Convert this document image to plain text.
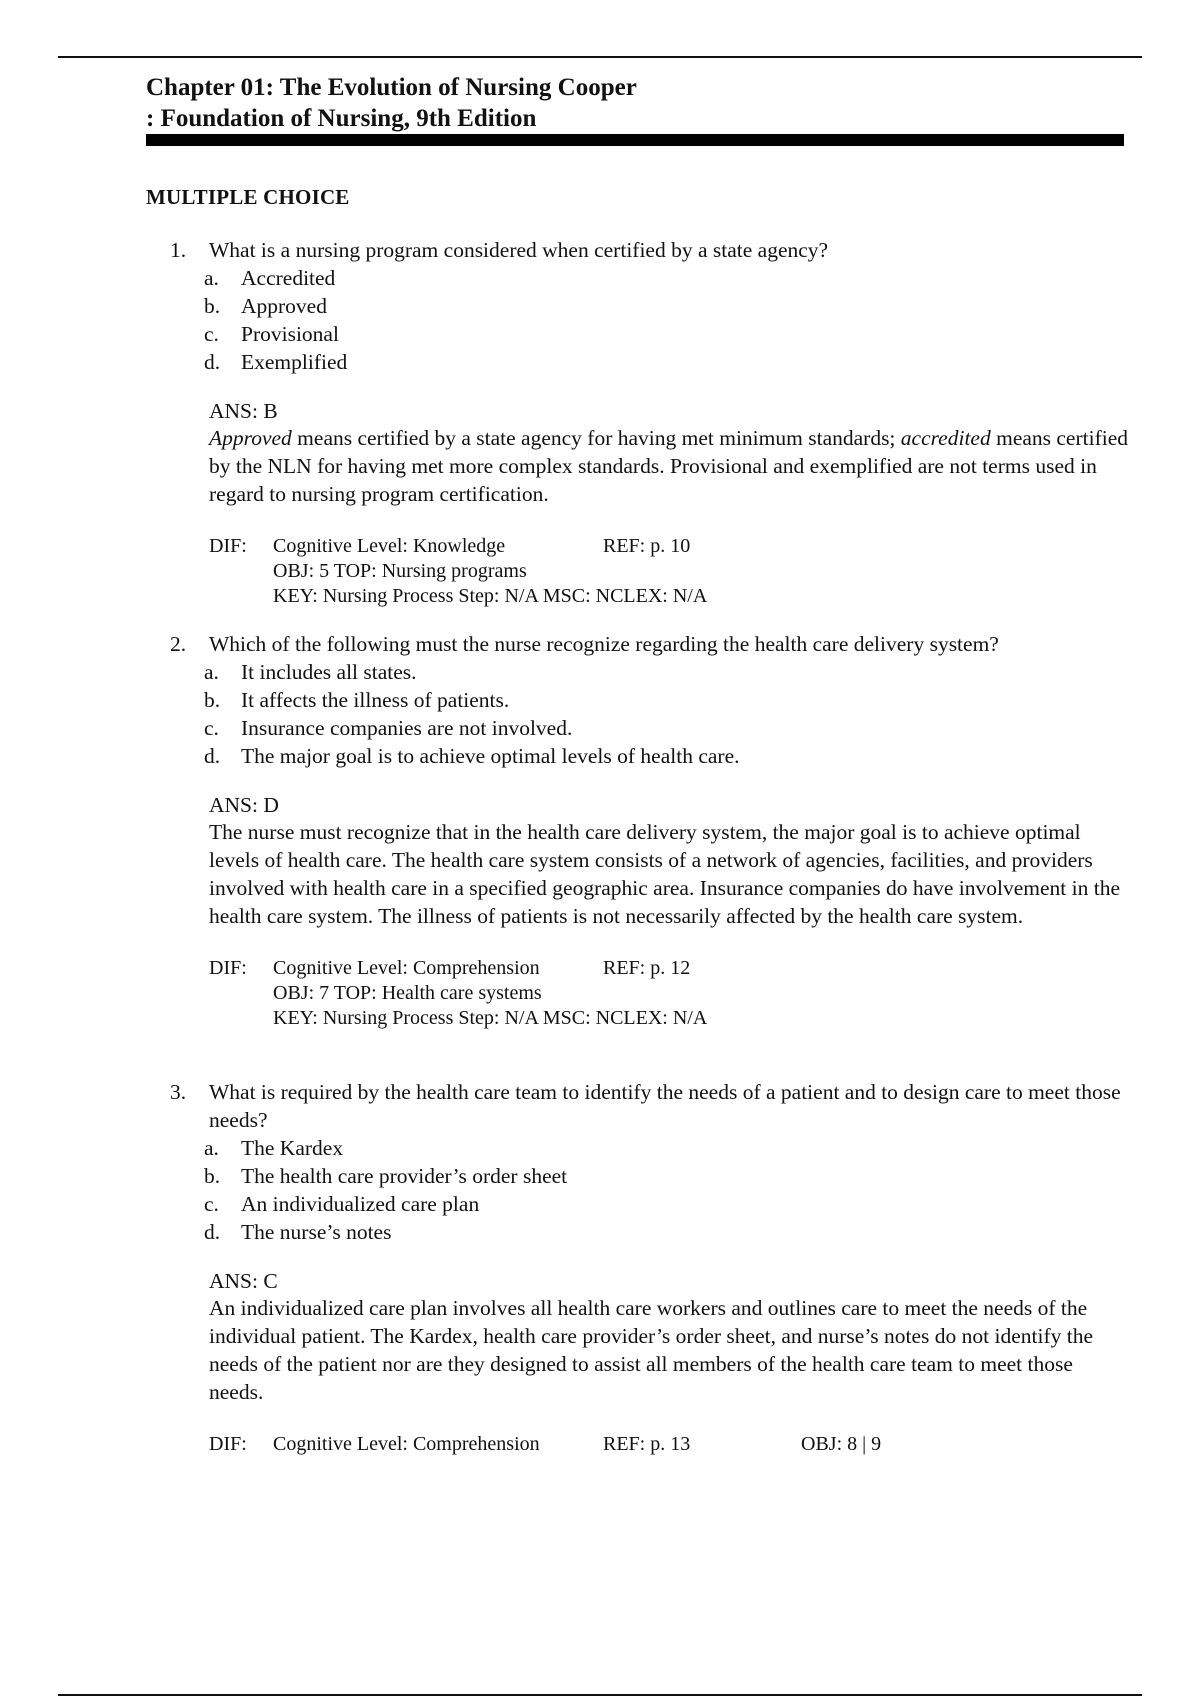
Chapter 01: The Evolution of Nursing Cooper
: Foundation of Nursing, 9th Edition
MULTIPLE CHOICE
1.	What is a nursing program considered when certified by a state agency?
a.	Accredited
b. Approved
c.	Provisional
d. Exemplified
ANS: B
Approved means certified by a state agency for having met minimum standards; accredited means certified by the NLN for having met more complex standards. Provisional and exemplified are not terms used in regard to nursing program certification.
DIF:	Cognitive Level: Knowledge	REF: p. 10
OBJ: 5 TOP: Nursing programs
KEY: Nursing Process Step: N/A MSC: NCLEX: N/A
2.	Which of the following must the nurse recognize regarding the health care delivery system?
a.	It includes all states.
b. It affects the illness of patients.
c.	Insurance companies are not involved.
d. The major goal is to achieve optimal levels of health care.
ANS: D
The nurse must recognize that in the health care delivery system, the major goal is to achieve optimal levels of health care. The health care system consists of a network of agencies, facilities, and providers involved with health care in a specified geographic area. Insurance companies do have involvement in the health care system. The illness of patients is not necessarily affected by the health care system.
DIF:	Cognitive Level: Comprehension	REF: p. 12
OBJ: 7 TOP: Health care systems
KEY: Nursing Process Step: N/A MSC: NCLEX: N/A
3.	What is required by the health care team to identify the needs of a patient and to design care to meet those needs?
a.	The Kardex
b. The health care provider’s order sheet
c.	An individualized care plan
d. The nurse’s notes
ANS: C
An individualized care plan involves all health care workers and outlines care to meet the needs of the individual patient. The Kardex, health care provider’s order sheet, and nurse’s notes do not identify the needs of the patient nor are they designed to assist all members of the health care team to meet those needs.
DIF:	Cognitive Level: Comprehension	REF: p. 13	OBJ: 8 | 9
